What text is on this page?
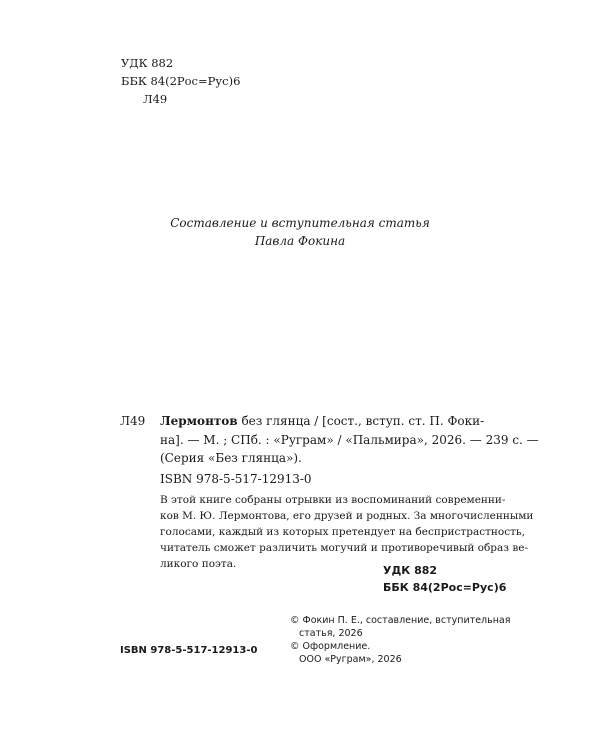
УДК 882
ББК 84(2Рос=Рус)6
Л49
Составление и вступительная статья
Павла Фокина
Л49 Лермонтов без глянца / [сост., вступ. ст. П. Фоки-
на]. — М. ; СПб. : «Руграм» / «Пальмира», 2026. — 239 с. —
(Серия «Без глянца»).
ISBN 978-5-517-12913-0
В этой книге собраны отрывки из воспоминаний современни-
ков М. Ю. Лермонтова, его друзей и родных. За многочисленными
голосами, каждый из которых претендует на беспристрастность,
читатель сможет различить могучий и противоречивый образ ве-
ликого поэта.	УДК 882
ББК 84(2Рос=Рус)6
© Фокин П. Е., составление, вступительная
статья, 2026
© Оформление.
ООО «Руграм», 2026
ISBN 978-5-517-12913-0
